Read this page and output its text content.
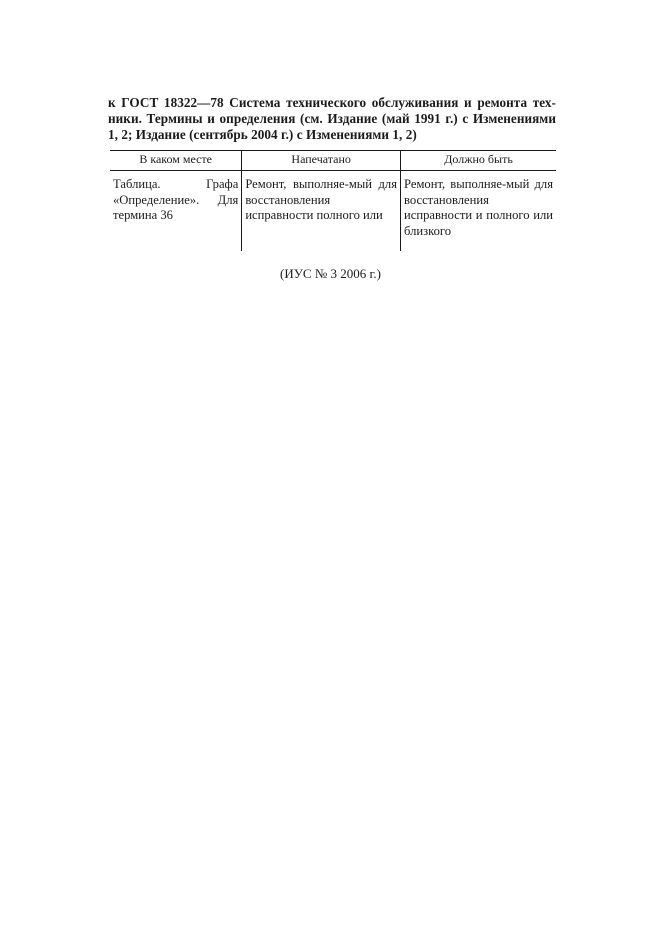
к ГОСТ 18322—78 Система технического обслуживания и ремонта тех-
ники. Термины и определения (см. Издание (май 1991 г.) с Изменениями
1, 2; Издание (сентябрь 2004 г.) с Изменениями 1, 2)
В каком месте	Напечатано	Должно быть
Таблица. Графа «Определение». Для термина 36	Ремонт, выполняе-мый для восстановления исправности полного или	Ремонт, выполняе-мый для восстановления исправности и полного или близкого
(ИУС № 3 2006 г.)
